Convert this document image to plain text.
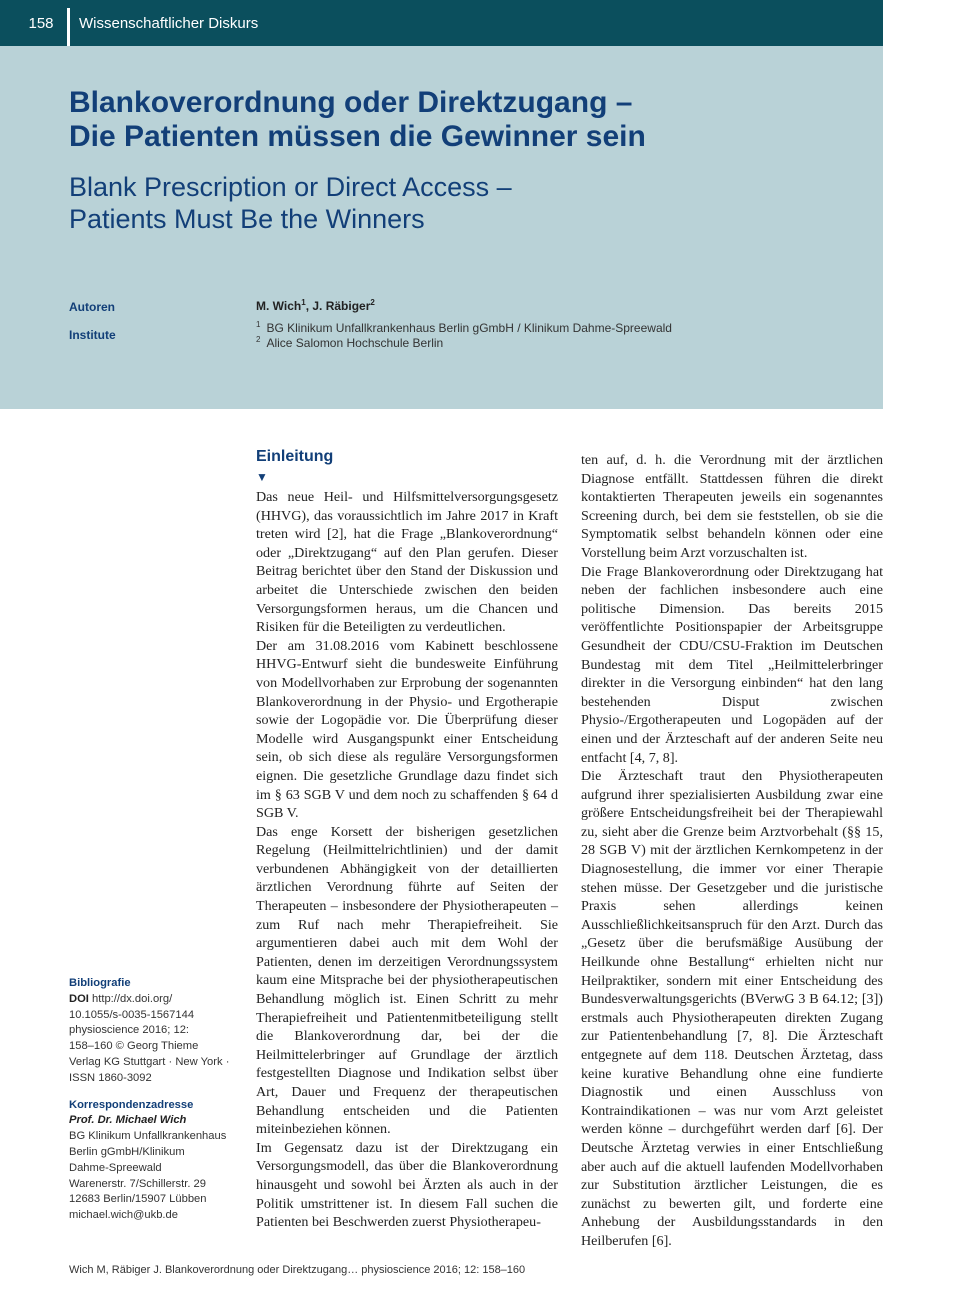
158	Wissenschaftlicher Diskurs
Blankoverordnung oder Direktzugang –
Die Patienten müssen die Gewinner sein
Blank Prescription or Direct Access –
Patients Must Be the Winners
Autoren	M. Wich$^1$, J. Räbiger$^2$
Institute
$^1$ BG Klinikum Unfallkrankenhaus Berlin gGmbH / Klinikum Dahme-Spreewald
$^2$ Alice Salomon Hochschule Berlin
Einleitung
▼

Das neue Heil- und Hilfsmittelversorgungsgesetz (HHVG), das voraussichtlich im Jahre 2017 in Kraft treten wird [2], hat die Frage „Blankoverordnung“ oder „Direktzugang“ auf den Plan gerufen. Dieser Beitrag berichtet über den Stand der Diskussion und arbeitet die Unterschiede zwischen den beiden Versorgungsformen heraus, um die Chancen und Risiken für die Beteiligten zu verdeutlichen.

Der am 31.08.2016 vom Kabinett beschlossene HHVG-Entwurf sieht die bundesweite Einführung von Modellvorhaben zur Erprobung der sogenannten Blankoverordnung in der Physio- und Ergotherapie sowie der Logopädie vor. Die Überprüfung dieser Modelle wird Ausgangspunkt einer Entscheidung sein, ob sich diese als reguläre Versorgungsformen eignen. Die gesetzliche Grundlage dazu findet sich im § 63 SGB V und dem noch zu schaffenden § 64 d SGB V.

Das enge Korsett der bisherigen gesetzlichen Regelung (Heilmittelrichtlinien) und der damit verbundenen Abhängigkeit von der detaillierten ärztlichen Verordnung führte auf Seiten der Therapeuten – insbesondere der Physiotherapeuten – zum Ruf nach mehr Therapiefreiheit. Sie argumentieren dabei auch mit dem Wohl der Patienten, denen im derzeitigen Verordnungssystem kaum eine Mitsprache bei der physiotherapeutischen Behandlung möglich ist. Einen Schritt zu mehr Therapiefreiheit und Patientenmitbeteiligung stellt die Blankoverordnung dar, bei der die Heilmittelerbringer auf Grundlage der ärztlich festgestellten Diagnose und Indikation selbst über Art, Dauer und Frequenz der therapeutischen Behandlung entscheiden und die Patienten miteinbeziehen können.

Im Gegensatz dazu ist der Direktzugang ein Versorgungsmodell, das über die Blankoverordnung hinausgeht und sowohl bei Ärzten als auch in der Politik umstrittener ist. In diesem Fall suchen die Patienten bei Beschwerden zuerst Physiotherapeu-

ten auf, d. h. die Verordnung mit der ärztlichen Diagnose entfällt. Stattdessen führen die direkt kontaktierten Therapeuten jeweils ein sogenanntes Screening durch, bei dem sie feststellen, ob sie die Symptomatik selbst behandeln können oder eine Vorstellung beim Arzt vorzuschalten ist.

Die Frage Blankoverordnung oder Direktzugang hat neben der fachlichen insbesondere auch eine politische Dimension. Das bereits 2015 veröffentlichte Positionspapier der Arbeitsgruppe Gesundheit der CDU/CSU-Fraktion im Deutschen Bundestag mit dem Titel „Heilmittelerbringer direkter in die Versorgung einbinden“ hat den lang bestehenden Disput zwischen Physio-/Ergotherapeuten und Logopäden auf der einen und der Ärzteschaft auf der anderen Seite neu entfacht [4, 7, 8].

Die Ärzteschaft traut den Physiotherapeuten aufgrund ihrer spezialisierten Ausbildung zwar eine größere Entscheidungsfreiheit bei der Therapiewahl zu, sieht aber die Grenze beim Arztvorbehalt (§§ 15, 28 SGB V) mit der ärztlichen Kernkompetenz in der Diagnosestellung, die immer vor einer Therapie stehen müsse. Der Gesetzgeber und die juristische Praxis sehen allerdings keinen Ausschließlichkeitsanspruch für den Arzt. Durch das „Gesetz über die berufsmäßige Ausübung der Heilkunde ohne Bestallung“ erhielten nicht nur Heilpraktiker, sondern mit einer Entscheidung des Bundesverwaltungsgerichts (BVerwG 3 B 64.12; [3]) erstmals auch Physiotherapeuten direkten Zugang zur Patientenbehandlung [7, 8]. Die Ärzteschaft entgegnete auf dem 118. Deutschen Ärztetag, dass keine kurative Behandlung ohne eine fundierte Diagnostik und einen Ausschluss von Kontraindikationen – was nur vom Arzt geleistet werden könne – durchgeführt werden darf [6]. Der Deutsche Ärztetag verwies in einer Entschließung aber auch auf die aktuell laufenden Modellvorhaben zur Substitution ärztlicher Leistungen, die es zunächst zu bewerten gilt, und forderte eine Anhebung der Ausbildungsstandards in den Heilberufen [6].

Bibliografie
DOI http://dx.doi.org/
10.1055/s-0035-1567144
physioscience 2016; 12:
158–160 © Georg Thieme
Verlag KG Stuttgart · New York ·
ISSN 1860-3092
Korrespondenzadresse
Prof. Dr. Michael Wich
BG Klinikum Unfallkrankenhaus
Berlin gGmbH/Klinikum
Dahme-Spreewald
Warenerstr. 7/Schillerstr. 29
12683 Berlin/15907 Lübben
michael.wich@ukb.de
Wich M, Räbiger J. Blankoverordnung oder Direktzugang… physioscience 2016; 12: 158–160
